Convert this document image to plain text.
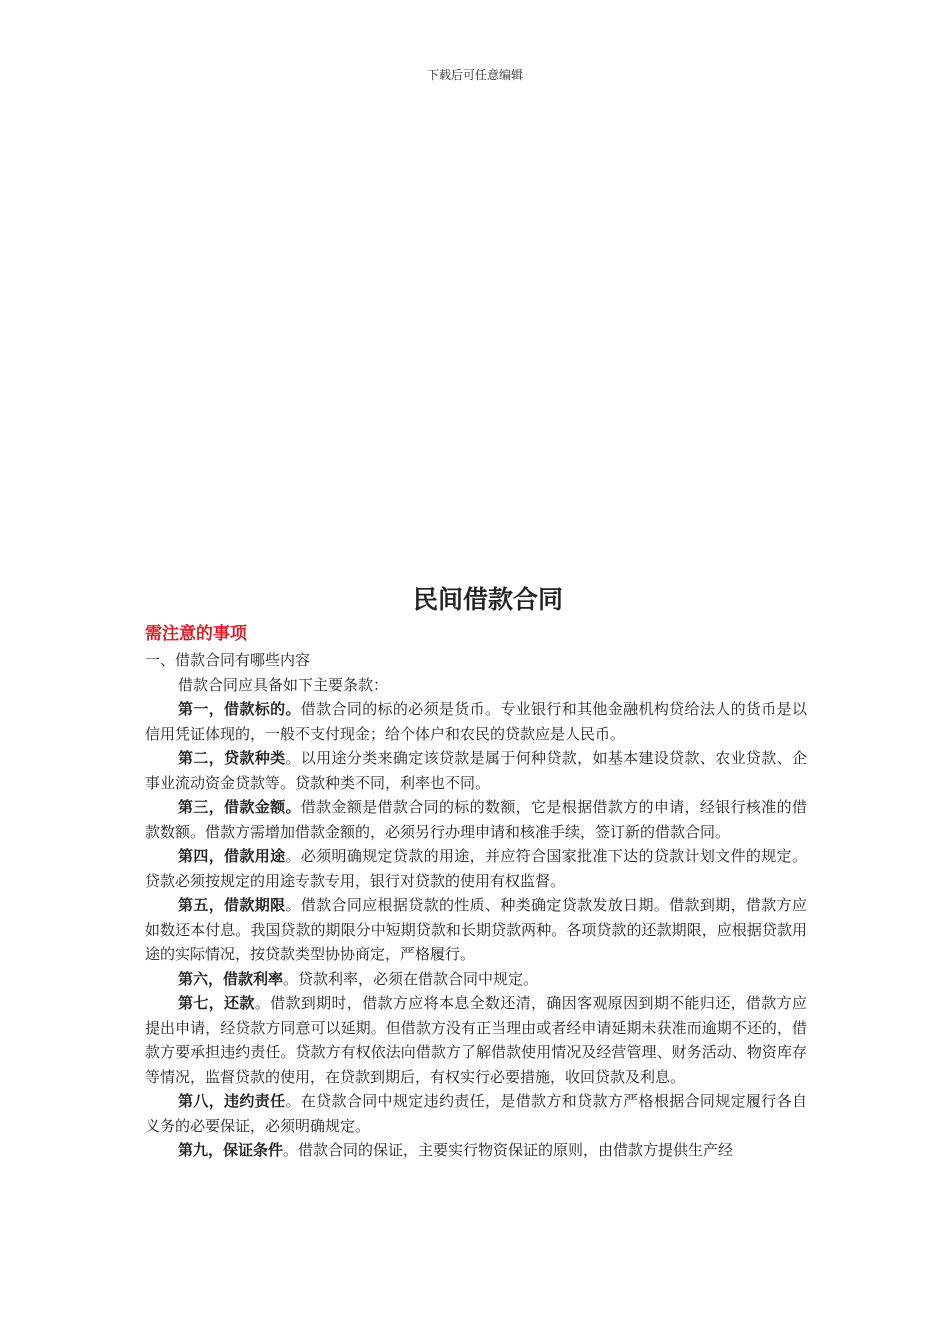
下载后可任意编辑
民间借款合同
需注意的事项
一、借款合同有哪些内容
借款合同应具备如下主要条款：
第一，借款标的。借款合同的标的必须是货币。专业银行和其他金融机构贷给法人的货币是以信用凭证体现的，一般不支付现金；给个体户和农民的贷款应是人民币。
第二，贷款种类。以用途分类来确定该贷款是属于何种贷款，如基本建设贷款、农业贷款、企事业流动资金贷款等。贷款种类不同，利率也不同。
第三，借款金额。借款金额是借款合同的标的数额，它是根据借款方的申请，经银行核准的借款数额。借款方需增加借款金额的，必须另行办理申请和核准手续，签订新的借款合同。
第四，借款用途。必须明确规定贷款的用途，并应符合国家批准下达的贷款计划文件的规定。贷款必须按规定的用途专款专用，银行对贷款的使用有权监督。
第五，借款期限。借款合同应根据贷款的性质、种类确定贷款发放日期。借款到期，借款方应如数还本付息。我国贷款的期限分中短期贷款和长期贷款两种。各项贷款的还款期限，应根据贷款用途的实际情况，按贷款类型协协商定，严格履行。
第六，借款利率。贷款利率，必须在借款合同中规定。
第七，还款。借款到期时，借款方应将本息全数还清，确因客观原因到期不能归还，借款方应提出申请，经贷款方同意可以延期。但借款方没有正当理由或者经申请延期未获准而逾期不还的，借款方要承担违约责任。贷款方有权依法向借款方了解借款使用情况及经营管理、财务活动、物资库存等情况，监督贷款的使用，在贷款到期后，有权实行必要措施，收回贷款及利息。
第八，违约责任。在贷款合同中规定违约责任，是借款方和贷款方严格根据合同规定履行各自义务的必要保证，必须明确规定。
第九，保证条件。借款合同的保证，主要实行物资保证的原则，由借款方提供生产经
